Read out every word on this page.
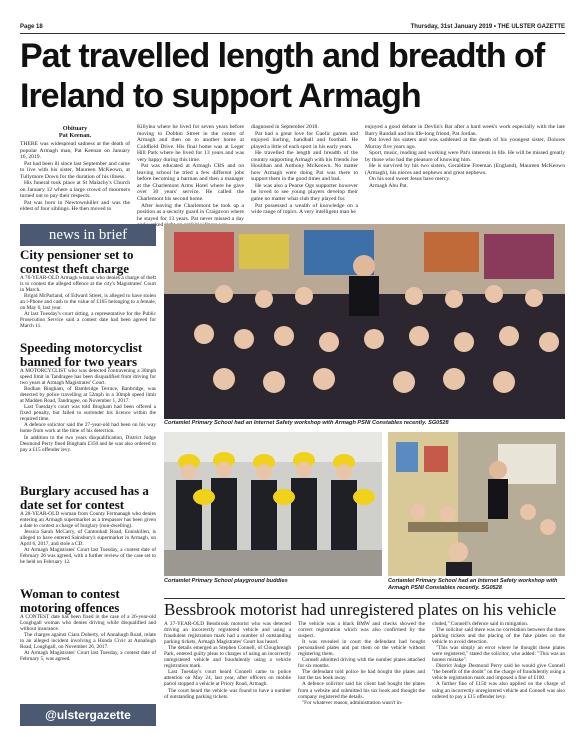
Page 18	Thursday, 31st January 2019 • THE ULSTER GAZETTE
Pat travelled length and breadth of Ireland to support Armagh
Obituary
Pat Keenan.

THERE was widespread sadness at the death of popular Armagh man, Pat Keenan on January 16, 2019.

Pat had been ill since last September and came to live with his sister, Maureen McKeown, at Tullymore Down for the duration of his illness.

His funeral took place at St Malachy's Church on January 12 where a large crowd of mourners turned out to pay their respects.

Pat was born in Newtownhiller and was the eldest of four siblings. He then moved to

Killylea where he lived for seven years before moving to Dobbin Street in the centre of Armagh and then on to another home at Coldfield Drive. His final home was at Leger Hill Park where he lived for 13 years and was very happy during this time.

Pat was educated at Armagh CBS and on leaving school he tried a few different jobs before becoming a barman and then a manager at the Charlemont Arms Hotel where he gave over 30 years' service. He called the Charlemont his second home.

After leaving the Charlemont he took up a position as a security guard in Craigavon where he stayed for 13 years. Pat never missed a day

diagnosed in September 2018.

Pat had a great love for Gaelic games and enjoyed hurling, handball and football. He played a little of each sport in his early years.

He travelled the length and breadth of the country supporting Armagh with his friends Joe Houlihan and Anthony McKeown. No matter how Armagh were doing Pat was there to support them in the good times and bad.

He was also a Pearse Ogs supporter however he loved to see young players develop their game no matter what club they played for.

Pat possessed a wealth of knowledge on a wide range of topics. A very intelligent man he

enjoyed a good debate in Devlin's Bar after a hard week's work especially with the late Barry Randall and his life-long friend, Pat Jordan.

Pat loved his sisters and was saddened at the death of his youngest sister, Dolores Murray five years ago.

Sport, music, reading and working were Pat's interests in life. He will be missed greatly by those who had the pleasure of knowing him.

He is survived by his two sisters, Geraldine Freeman (England), Maureen McKeown (Armagh), his nieces and nephews and great nephews.

On his soul sweet Jesus have mercy.

Armagh Abu Pat.

news in brief
City pensioner set to contest theft charge

A 76-YEAR-OLD Armagh woman who denies a charge of theft is to contest the alleged offence at the city's Magistrates' Court in March.

Brigid McParland, of Edward Street, is alleged to have stolen an i-Phone and cash to the value of £165 belonging to a female, on May 6, last year.

At last Tuesday's court sitting, a representative for the Public Prosecution Service said a contest date had been agreed for March 11.

Speeding motorcyclist banned for two years

A MOTORCYCLIST who was detected contravening a 30mph speed limit in Tandragee has been disqualified from driving for two years at Armagh Magistrates' Court.

Bodhan Bingham, of Bambridge Terrace, Banbridge, was detected by police travelling at 52mph in a 30mph speed limit at Madden Road, Tandragee, on November 1, 2017.

Last Tuesday's court was told Bingham had been offered a fixed penalty, but failed to surrender his licence within the required time.

A defence solicitor said the 27-year-old had been on his way home from work at the time of his detection.

In addition to the two years disqualification, District Judge Desmond Perry fined Bingham £350 and he was also ordered to pay a £15 offender levy.

Burglary accused has a date set for contest

A 28-YEAR-OLD woman from County Fermanagh who denies entering an Armagh supermarket as a trespasser has been given a date to contest a charge of burglary (non-dwelling).

Jessica Sarah McCarry, of Cantonhall Road, Enniskillen, is alleged to have entered Sainsbury's supermarket in Armagh, on April 6, 2017, and stole a CD.

At Armagh Magistrates' Court last Tuesday, a contest date of February 26 was agreed, with a further review of the case set to be held on February 12.

Woman to contest motoring offences

A CONTEST date has been fixed in the case of a 26-year-old Loughgall woman who denies driving while disqualified and without insurance.

The charges against Ciara Doherty, of Annahugh Road, relate to an alleged incident involving a Honda Civic at Annahugh Road, Loughgall, on November 26, 2017.

At Armagh Magistrates' Court last Tuesday, a contest date of February 5, was agreed.

@ulstergazette
Cortamlet Primary School had an Internet Safety workshop with Armagh PSNI Constables recently. SG0528
Cortamlet Primary School playground buddies	Cortamlet Primary School had an Internet Safety workshop with Armagh PSNI Constables recently. SG0528
Bessbrook motorist had unregistered plates on his vehicle

A 37-YEAR-OLD Bessbrook motorist who was detected driving an incorrectly registered vehicle and using a fraudulent registration mark had a number of outstanding parking tickets, Armagh Magistrates' Court has heard.

The details emerged as Stephen Connell, of Cloughreagh Park, entered guilty pleas to charges of using an incorrectly unregistered vehicle and fraudulently using a vehicle registration mark.

Last Tuesday's court heard Connell came to police attention on May 24, last year, after officers on mobile patrol stopped a vehicle at Priory Road, Armagh.

The court heard the vehicle was found to have a number of outstanding parking tickets.

The vehicle was a black BMW and checks showed the correct registration which was also confirmed by the suspect.

It was revealed in court the defendant had bought personalised plates and put them on the vehicle without registering them.

Connell admitted driving with the number plates attached for six months.

The defendant told police he had bought the plates and lost the tax book away.

A defence solicitor said his client had bought the plates from a website and submitted his tax book and thought the company registered the details.

"For whatever reason, administration wasn't in-

cluded," Connell's defence said in mitigation.

The solicitor said there was no correlation between the three parking tickets and the placing of the fake plates on the vehicle to avoid detection.

"This was simply an error where he thought these plates were registered," stated the solicitor, who added: "This was an honest mistake".

District Judge Desmond Perry said he would give Connell "the benefit of the doubt" on the charge of fraudulently using a vehicle registration mark and imposed a fine of £100.

A further fine of £150 was also applied on the charge of using an incorrectly unregistered vehicle and Connell was also ordered to pay a £15 offender levy.
